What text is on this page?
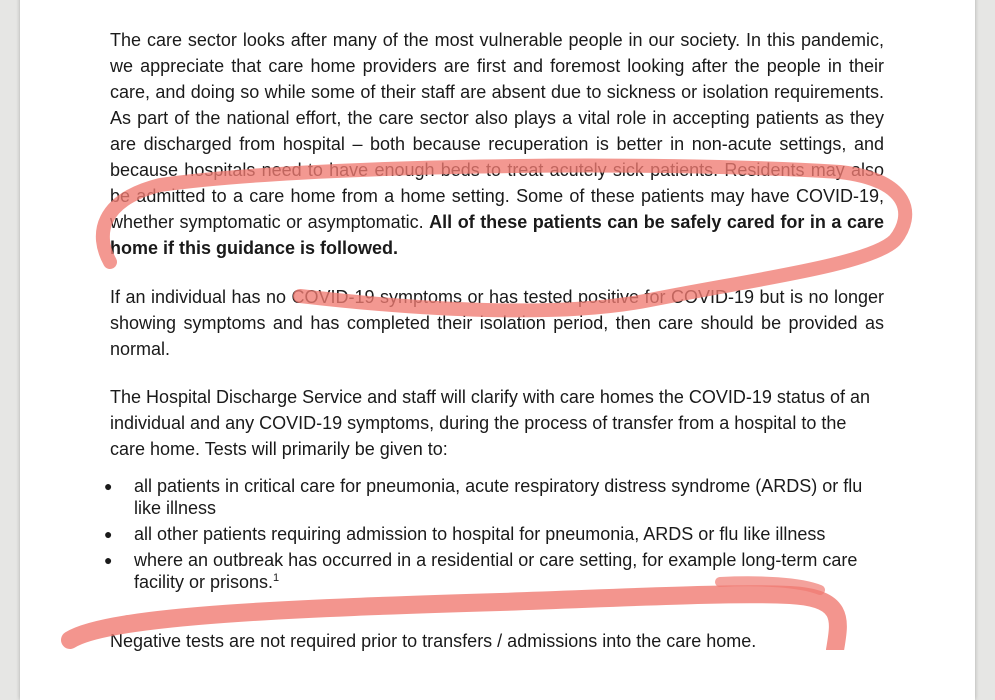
The care sector looks after many of the most vulnerable people in our society. In this pandemic, we appreciate that care home providers are first and foremost looking after the people in their care, and doing so while some of their staff are absent due to sickness or isolation requirements. As part of the national effort, the care sector also plays a vital role in accepting patients as they are discharged from hospital – both because recuperation is better in non-acute settings, and because hospitals need to have enough beds to treat acutely sick patients. Residents may also be admitted to a care home from a home setting. Some of these patients may have COVID-19, whether symptomatic or asymptomatic. All of these patients can be safely cared for in a care home if this guidance is followed.

If an individual has no COVID-19 symptoms or has tested positive for COVID-19 but is no longer showing symptoms and has completed their isolation period, then care should be provided as normal.

The Hospital Discharge Service and staff will clarify with care homes the COVID-19 status of an individual and any COVID-19 symptoms, during the process of transfer from a hospital to the care home. Tests will primarily be given to:

● all patients in critical care for pneumonia, acute respiratory distress syndrome (ARDS) or flu like illness
● all other patients requiring admission to hospital for pneumonia, ARDS or flu like illness
● where an outbreak has occurred in a residential or care setting, for example long-term care facility or prisons.$^1$

Negative tests are not required prior to transfers / admissions into the care home.
